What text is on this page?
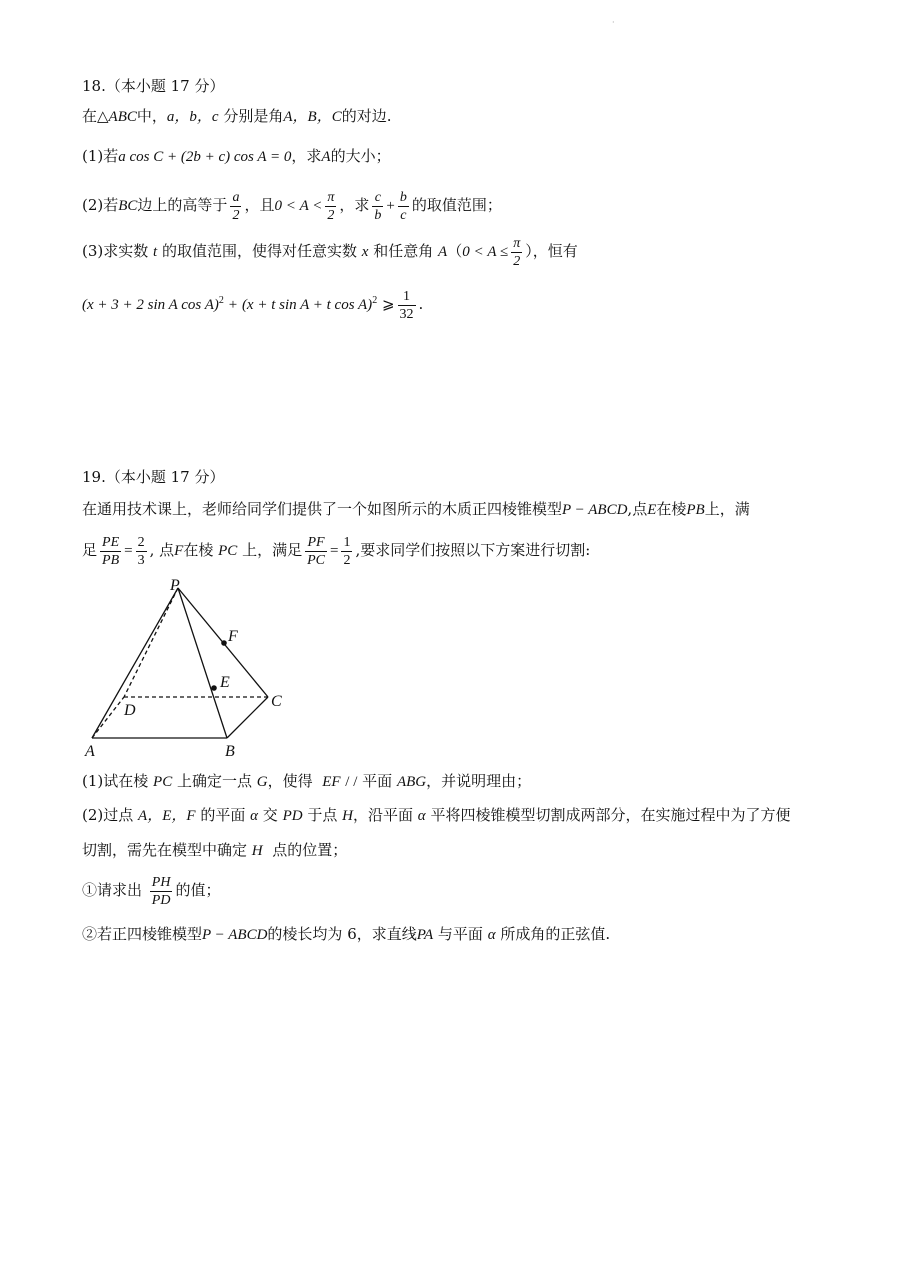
·
18.（本小题 17 分）
在△ABC中，a，b，c 分别是角A，B，C的对边.
(1)若a cos C + (2b + c) cos A = 0，求A的大小；
(2)若BC边上的高等于 $\frac{a}{2}$ ，且$0 < A < \frac{\pi}{2}$ ，求 $\frac{c}{b} + \frac{b}{c}$ 的取值范围；
(3)求实数 t 的取值范围，使得对任意实数 x 和任意角 $A(0 < A \le \frac{\pi}{2}$ ），恒有
(x + 3 + 2 sin A cos A)$^2$ + (x + t sin A + t cos A)$^2$ ⩾ $\frac{1}{32}$ .
19.（本小题 17 分）
在通用技术课上，老师给同学们提供了一个如图所示的木质正四棱锥模型P − ABCD,点E在棱PB上，满
足 $\frac{PE}{PB} = \frac{2}{3}$ , 点F在棱 PC 上，满足 $\frac{PF}{PC} = \frac{1}{2}$ ,要求同学们按照以下方案进行切割:
P
F
E
C
D
A	B
(1)试在棱 PC 上确定一点 G，使得 EF / / 平面 ABG，并说明理由；
(2)过点 A，E，F 的平面 α 交 PD 于点 H，沿平面 α 平将四棱锥模型切割成两部分，在实施过程中为了方便
切割，需先在模型中确定 H 点的位置；
①请求出 $\frac{PH}{PD}$ 的值；
②若正四棱锥模型P − ABCD的棱长均为 6，求直线PA 与平面 α 所成角的正弦值.
